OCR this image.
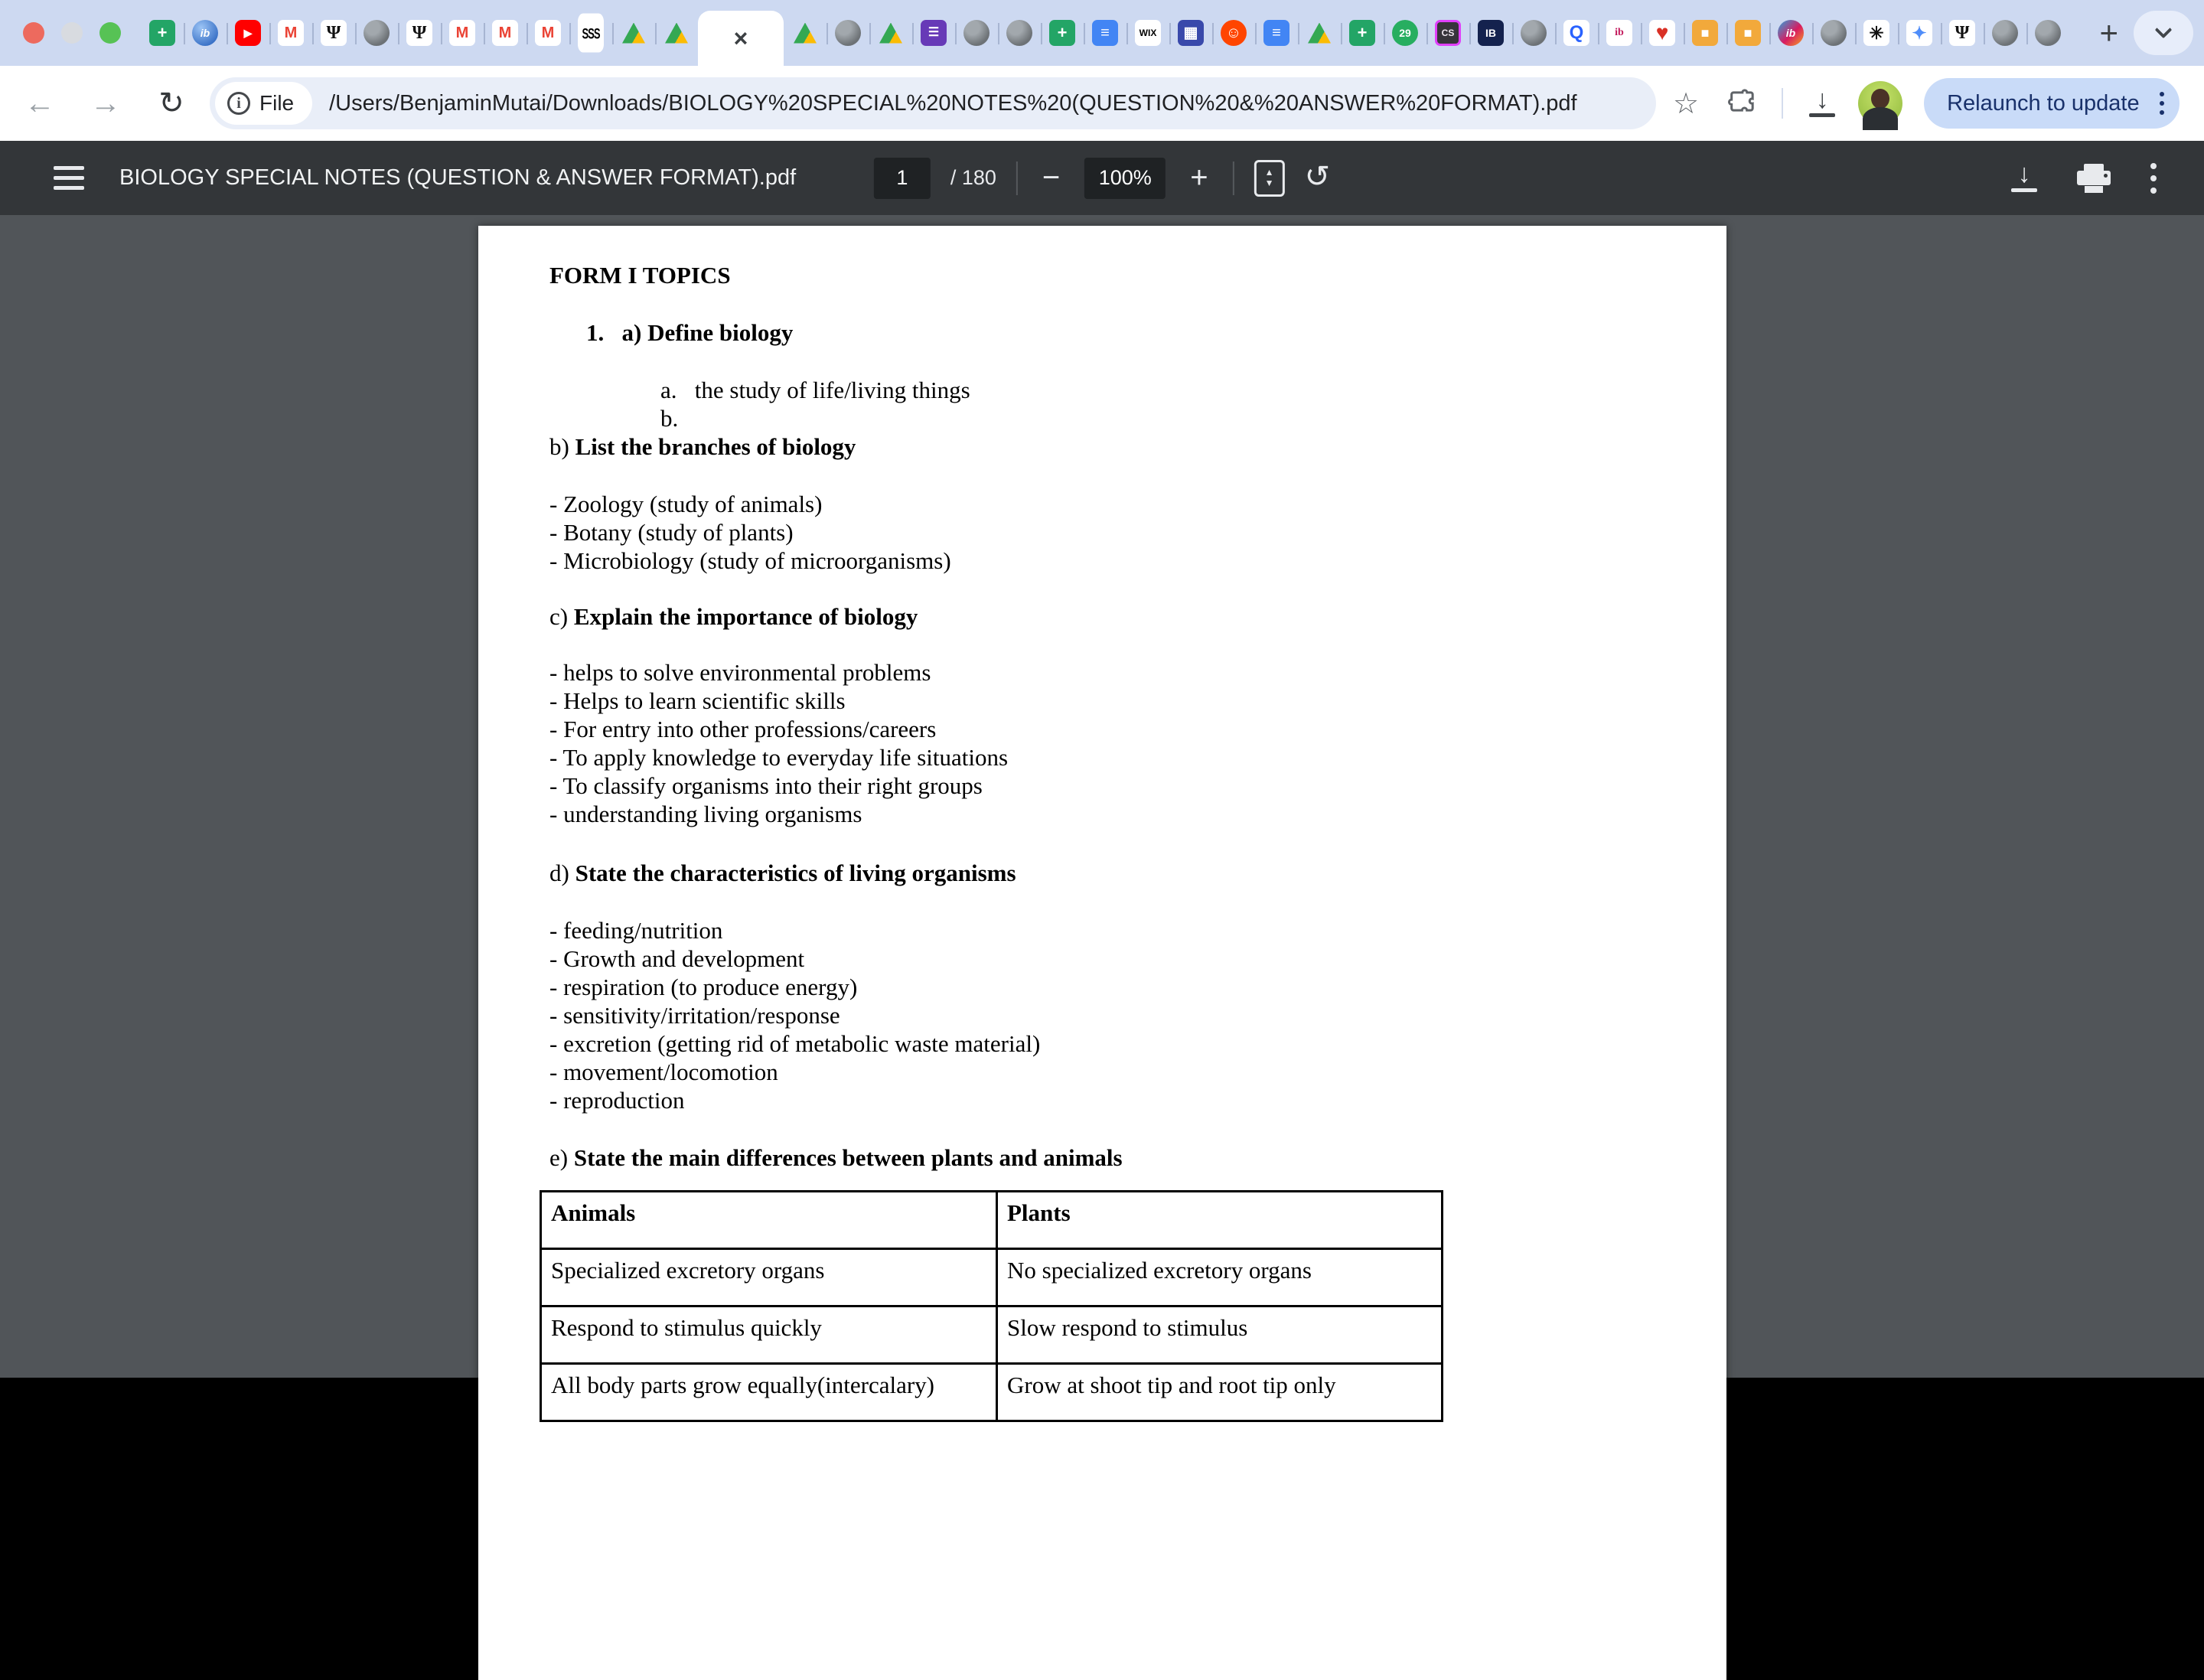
+	ib	▶	M	Ψ	Ψ	M	M	M	SSS	×	☰	+	≡	WIX	▦	☺	≡	+	29	CS	IB	Q	ib	♥	■	■	ib	✳	✦	Ψ	+
← → ↻	i File /Users/BenjaminMutai/Downloads/BIOLOGY%20SPECIAL%20NOTES%20(QUESTION%20&%20ANSWER%20FORMAT).pdf	☆	↓	Relaunch to update
BIOLOGY SPECIAL NOTES (QUESTION & ANSWER FORMAT).pdf	1	/ 180 −	100%	+	▲
▼ ↺	↓
FORM I TOPICS
1.   a) Define biology
a.   the study of life/living things
b.
b) List the branches of biology
- Zoology (study of animals)
- Botany (study of plants)
- Microbiology (study of microorganisms)
c) Explain the importance of biology
- helps to solve environmental problems
- Helps to learn scientific skills
- For entry into other professions/careers
- To apply knowledge to everyday life situations
- To classify organisms into their right groups
- understanding living organisms
d) State the characteristics of living organisms
- feeding/nutrition
- Growth and development
- respiration (to produce energy)
- sensitivity/irritation/response
- excretion (getting rid of metabolic waste material)
- movement/locomotion
- reproduction
e) State the main differences between plants and animals
Animals	Plants
Specialized excretory organs	No specialized excretory organs
Respond to stimulus quickly	Slow respond to stimulus
All body parts grow equally(intercalary)	Grow at shoot tip and root tip only
